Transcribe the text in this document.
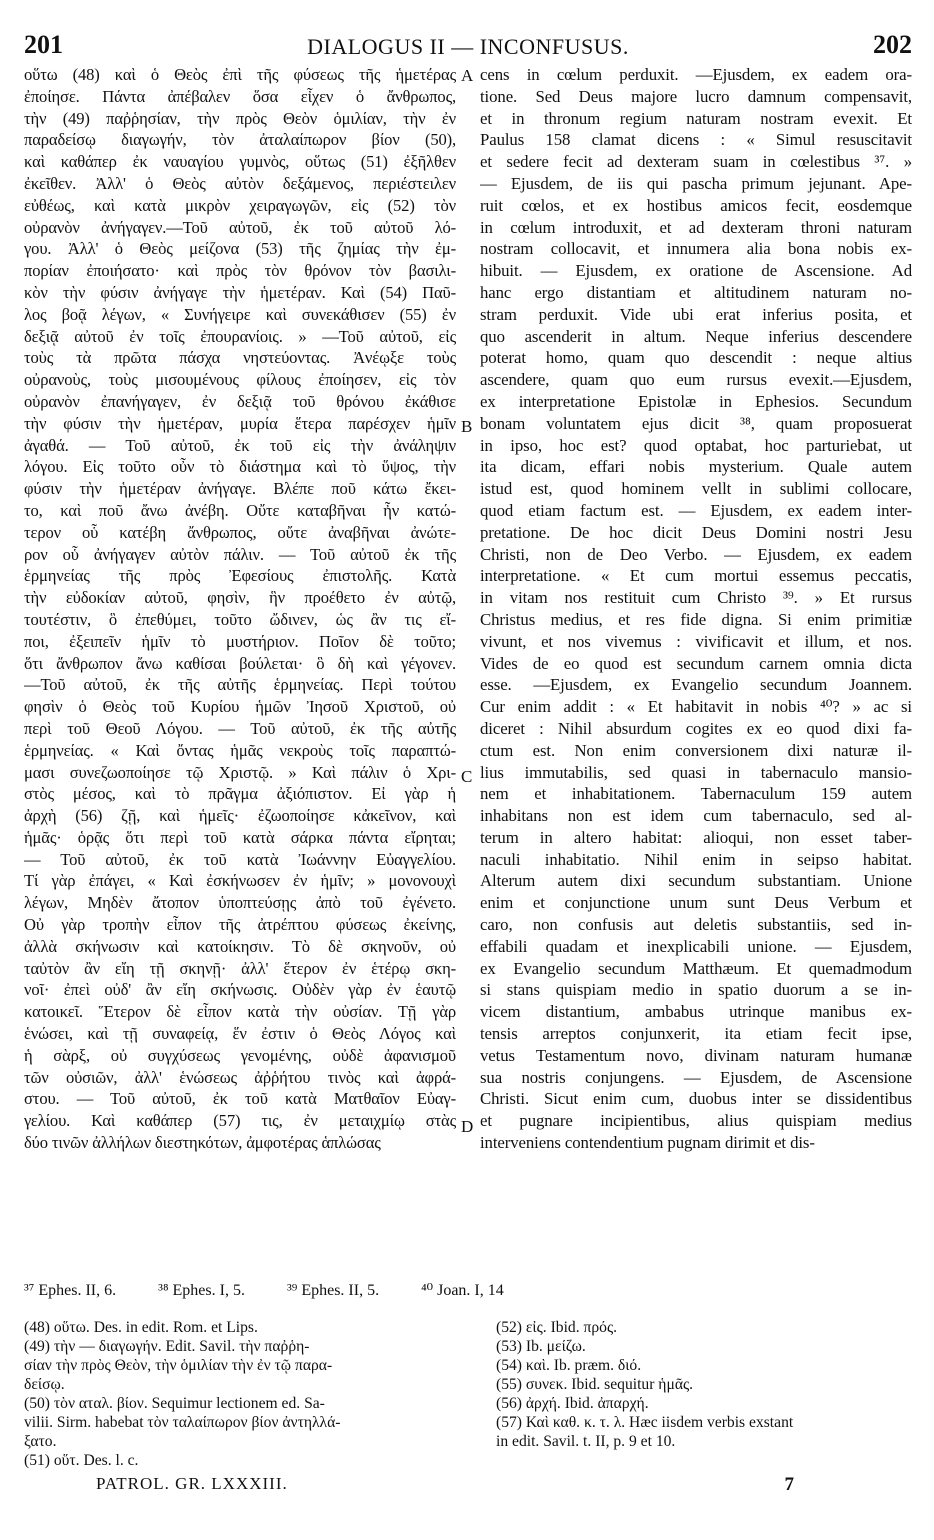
201	DIALOGUS II — INCONFUSUS.	202
οὕτω (48) καὶ ὁ Θεὸς ἐπὶ τῆς φύσεως τῆς ἡμετέρας
ἐποίησε. Πάντα ἀπέβαλεν ὅσα εἶχεν ὁ ἄνθρωπος,
τὴν (49) παῤῥησίαν, τὴν πρὸς Θεὸν ὁμιλίαν, τὴν ἐν
παραδείσῳ διαγωγήν, τὸν ἀταλαίπωρον βίον (50),
καὶ καθάπερ ἐκ ναυαγίου γυμνὸς, οὕτως (51) ἐξῆλθεν
ἐκεῖθεν. Ἀλλ' ὁ Θεὸς αὐτὸν δεξάμενος, περιέστειλεν
εὐθέως, καὶ κατὰ μικρὸν χειραγωγῶν, εἰς (52) τὸν
οὐρανὸν ἀνήγαγεν.—Τοῦ αὐτοῦ, ἐκ τοῦ αὐτοῦ λό-
γου. Ἀλλ' ὁ Θεὸς μείζονα (53) τῆς ζημίας τὴν ἐμ-
πορίαν ἐποιήσατο· καὶ πρὸς τὸν θρόνον τὸν βασιλι-
κὸν τὴν φύσιν ἀνήγαγε τὴν ἡμετέραν. Καὶ (54) Παῦ-
λος βοᾷ λέγων, « Συνήγειρε καὶ συνεκάθισεν (55) ἐν
δεξιᾷ αὐτοῦ ἐν τοῖς ἐπουρανίοις. » —Τοῦ αὐτοῦ, εἰς
τοὺς τὰ πρῶτα πάσχα νηστεύοντας. Ἀνέῳξε τοὺς
οὐρανοὺς, τοὺς μισουμένους φίλους ἐποίησεν, εἰς τὸν
οὐρανὸν ἐπανήγαγεν, ἐν δεξιᾷ τοῦ θρόνου ἐκάθισε
τὴν φύσιν τὴν ἡμετέραν, μυρία ἕτερα παρέσχεν ἡμῖν
ἀγαθά. — Τοῦ αὐτοῦ, ἐκ τοῦ εἰς τὴν ἀνάληψιν
λόγου. Εἰς τοῦτο οὖν τὸ διάστημα καὶ τὸ ὕψος, τὴν
φύσιν τὴν ἡμετέραν ἀνήγαγε. Βλέπε ποῦ κάτω ἔκει-
το, καὶ ποῦ ἄνω ἀνέβη. Οὔτε καταβῆναι ἦν κατώ-
τερον οὗ κατέβη ἄνθρωπος, οὔτε ἀναβῆναι ἀνώτε-
ρον οὗ ἀνήγαγεν αὐτὸν πάλιν. — Τοῦ αὐτοῦ ἐκ τῆς
ἑρμηνείας τῆς πρὸς Ἐφεσίους ἐπιστολῆς. Κατὰ
τὴν εὐδοκίαν αὐτοῦ, φησὶν, ἣν προέθετο ἐν αὐτῷ,
τουτέστιν, ὃ ἐπεθύμει, τοῦτο ὤδινεν, ὡς ἂν τις εἴ-
ποι, ἐξειπεῖν ἡμῖν τὸ μυστήριον. Ποῖον δὲ τοῦτο;
ὅτι ἄνθρωπον ἄνω καθίσαι βούλεται· ὃ δὴ καὶ γέγονεν.
—Τοῦ αὐτοῦ, ἐκ τῆς αὐτῆς ἑρμηνείας. Περὶ τούτου
φησὶν ὁ Θεὸς τοῦ Κυρίου ἡμῶν Ἰησοῦ Χριστοῦ, οὐ
περὶ τοῦ Θεοῦ Λόγου. — Τοῦ αὐτοῦ, ἐκ τῆς αὐτῆς
ἑρμηνείας. « Καὶ ὄντας ἡμᾶς νεκροὺς τοῖς παραπτώ-
μασι συνεζωοποίησε τῷ Χριστῷ. » Καὶ πάλιν ὁ Χρι-
στὸς μέσος, καὶ τὸ πρᾶγμα ἀξιόπιστον. Εἰ γὰρ ἡ
ἀρχὴ (56) ζῇ, καὶ ἡμεῖς· ἐζωοποίησε κἀκεῖνον, καὶ
ἡμᾶς· ὁρᾷς ὅτι περὶ τοῦ κατὰ σάρκα πάντα εἴρηται;
— Τοῦ αὐτοῦ, ἐκ τοῦ κατὰ Ἰωάννην Εὐαγγελίου.
Τί γὰρ ἐπάγει, « Καὶ ἐσκήνωσεν ἐν ἡμῖν; » μονονουχὶ
λέγων, Μηδὲν ἄτοπον ὑποπτεύσῃς ἀπὸ τοῦ ἐγένετο.
Οὐ γὰρ τροπὴν εἶπον τῆς ἀτρέπτου φύσεως ἐκείνης,
ἀλλὰ σκήνωσιν καὶ κατοίκησιν. Τὸ δὲ σκηνοῦν, οὐ
ταὐτὸν ἂν εἴη τῇ σκηνῇ· ἀλλ' ἕτερον ἐν ἑτέρῳ σκη-
νοῖ· ἐπεὶ οὐδ' ἂν εἴη σκήνωσις. Οὐδὲν γὰρ ἐν ἑαυτῷ
κατοικεῖ. Ἕτερον δὲ εἶπον κατὰ τὴν οὐσίαν. Τῇ γὰρ
ἑνώσει, καὶ τῇ συναφείᾳ, ἕν ἐστιν ὁ Θεὸς Λόγος καὶ
ἡ σὰρξ, οὐ συγχύσεως γενομένης, οὐδὲ ἀφανισμοῦ
τῶν οὐσιῶν, ἀλλ' ἑνώσεως ἀῤῥήτου τινὸς καὶ ἀφρά-
στου. — Τοῦ αὐτοῦ, ἐκ τοῦ κατὰ Ματθαῖον Εὐαγ-
γελίου. Καὶ καθάπερ (57) τις, ἐν μεταιχμίῳ στὰς
δύο τινῶν ἀλλήλων διεστηκότων, ἀμφοτέρας ἁπλώσας
cens in cœlum perduxit. —Ejusdem, ex eadem ora-
tione. Sed Deus majore lucro damnum compensavit,
et in thronum regium naturam nostram evexit. Et
Paulus 158 clamat dicens : « Simul resuscitavit
et sedere fecit ad dexteram suam in cœlestibus ³⁷. »
— Ejusdem, de iis qui pascha primum jejunant. Ape-
ruit cœlos, et ex hostibus amicos fecit, eosdemque
in cœlum introduxit, et ad dexteram throni naturam
nostram collocavit, et innumera alia bona nobis ex-
hibuit. — Ejusdem, ex oratione de Ascensione. Ad
hanc ergo distantiam et altitudinem naturam no-
stram perduxit. Vide ubi erat inferius posita, et
quo ascenderit in altum. Neque inferius descendere
poterat homo, quam quo descendit : neque altius
ascendere, quam quo eum rursus evexit.—Ejusdem,
ex interpretatione Epistolæ in Ephesios. Secundum
bonam voluntatem ejus dicit ³⁸, quam proposuerat
in ipso, hoc est? quod optabat, hoc parturiebat, ut
ita dicam, effari nobis mysterium. Quale autem
istud est, quod hominem vellt in sublimi collocare,
quod etiam factum est. — Ejusdem, ex eadem inter-
pretatione. De hoc dicit Deus Domini nostri Jesu
Christi, non de Deo Verbo. — Ejusdem, ex eadem
interpretatione. « Et cum mortui essemus peccatis,
in vitam nos restituit cum Christo ³⁹. » Et rursus
Christus medius, et res fide digna. Si enim primitiæ
vivunt, et nos vivemus : vivificavit et illum, et nos.
Vides de eo quod est secundum carnem omnia dicta
esse. —Ejusdem, ex Evangelio secundum Joannem.
Cur enim addit : « Et habitavit in nobis ⁴⁰? » ac si
diceret : Nihil absurdum cogites ex eo quod dixi fa-
ctum est. Non enim conversionem dixi naturæ il-
lius immutabilis, sed quasi in tabernaculo mansio-
nem et inhabitationem. Tabernaculum 159 autem
inhabitans non est idem cum tabernaculo, sed al-
terum in altero habitat: alioqui, non esset taber-
naculi inhabitatio. Nihil enim in seipso habitat.
Alterum autem dixi secundum substantiam. Unione
enim et conjunctione unum sunt Deus Verbum et
caro, non confusis aut deletis substantiis, sed in-
effabili quadam et inexplicabili unione. — Ejusdem,
ex Evangelio secundum Matthæum. Et quemadmodum
si stans quispiam medio in spatio duorum a se in-
vicem distantium, ambabus utrinque manibus ex-
tensis arreptos conjunxerit, ita etiam fecit ipse,
vetus Testamentum novo, divinam naturam humanæ
sua nostris conjungens. — Ejusdem, de Ascensione
Christi. Sicut enim cum, duobus inter se dissidentibus
et pugnare incipientibus, alius quispiam medius
interveniens contendentium pugnam dirimit et dis-
A
B
C
D
³⁷ Ephes. II, 6.	³⁸ Ephes. I, 5.	³⁹ Ephes. II, 5.	⁴⁰ Joan. I, 14
(48) οὕτω. Des. in edit. Rom. et Lips.
(49) τὴν — διαγωγήν. Edit. Savil. τὴν παῤῥη-
σίαν τὴν πρὸς Θεὸν, τὴν ὁμιλίαν τὴν ἐν τῷ παρα-
δείσῳ.
(50) τὸν αταλ. βίον. Sequimur lectionem ed. Sa-
vilii. Sirm. habebat τὸν ταλαίπωρον βίον ἀντηλλά-
ξατο.
(51) οὕτ. Des. l. c.
(52) εἰς. Ibid. πρός.
(53) Ib. μείζω.
(54) καὶ. Ib. præm. διό.
(55) συνεκ. Ibid. sequitur ἡμᾶς.
(56) ἀρχή. Ibid. ἀπαρχή.
(57) Καὶ καθ. κ. τ. λ. Hæc iisdem verbis exstant
in edit. Savil. t. II, p. 9 et 10.
PATROL. GR. LXXXIII.	7
